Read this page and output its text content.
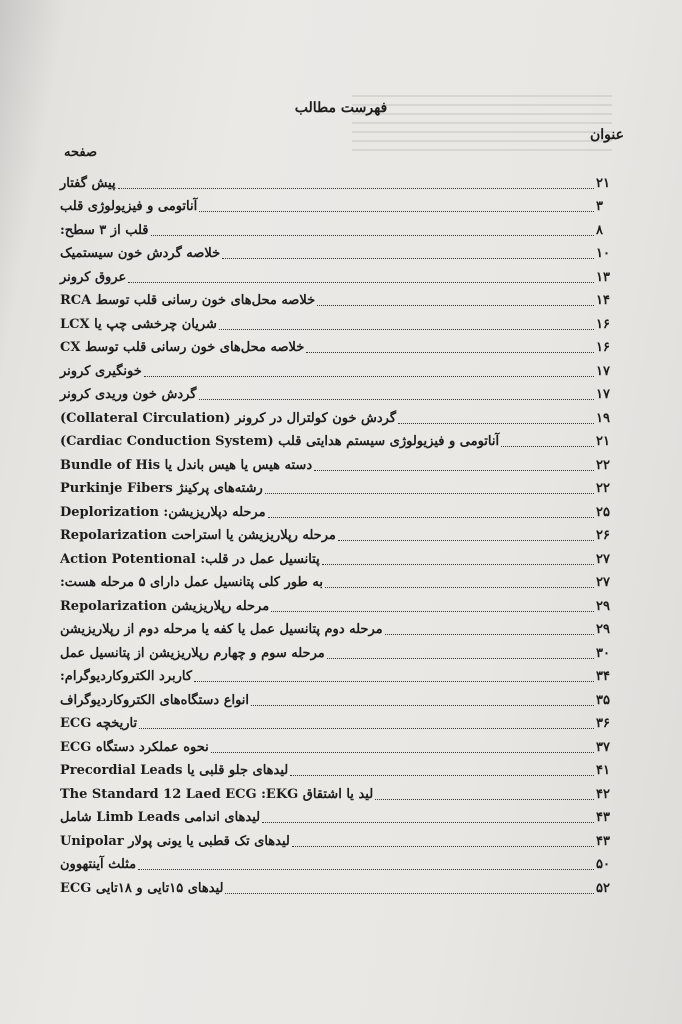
فهرست مطالب
عنوان
صفحه
پیش گفتار	۲۱
آناتومی و فیزیولوژی قلب	۳
قلب از ۳ سطح:	۸
خلاصه گردش خون سیستمیک	۱۰
عروق کرونر	۱۳
خلاصه محل‌های خون رسانی قلب توسط RCA	۱۴
شریان چرخشی چپ یا LCX	۱۶
خلاصه محل‌های خون رسانی قلب توسط CX	۱۶
خونگیری کرونر	۱۷
گردش خون وریدی کرونر	۱۷
گردش خون کولترال در کرونر (Collateral Circulation)	۱۹
آناتومی و فیزیولوژی سیستم هدایتی قلب (Cardiac Conduction System)	۲۱
دسته هیس یا هیس باندل یا Bundle of His	۲۲
رشته‌های پرکینژ Purkinje Fibers	۲۲
مرحله دپلاریزیشن: Deplorization	۲۵
مرحله رپلاریزیشن یا استراحت Repolarization	۲۶
پتانسیل عمل در قلب: Action Potentional	۲۷
به طور کلی پتانسیل عمل دارای ۵ مرحله هست:	۲۷
مرحله رپلاریزیشن Repolarization	۲۹
مرحله دوم پتانسیل عمل یا کفه یا مرحله دوم از رپلاریزیشن	۲۹
مرحله سوم و چهارم رپلاریزیشن از پتانسیل عمل	۳۰
کاربرد الکتروکاردیوگرام:	۳۴
انواع دستگاه‌های الکتروکاردیوگراف	۳۵
تاریخچه ECG	۳۶
نحوه عملکرد دستگاه ECG	۳۷
لیدهای جلو قلبی یا Precordial Leads	۴۱
لید یا اشتقاق The Standard 12 Laed ECG :EKG	۴۲
لیدهای اندامی Limb Leads شامل	۴۳
لیدهای تک قطبی یا یونی پولار Unipolar	۴۳
مثلث آینتهوون	۵۰
لیدهای ۱۵تایی و ۱۸تایی ECG	۵۲
